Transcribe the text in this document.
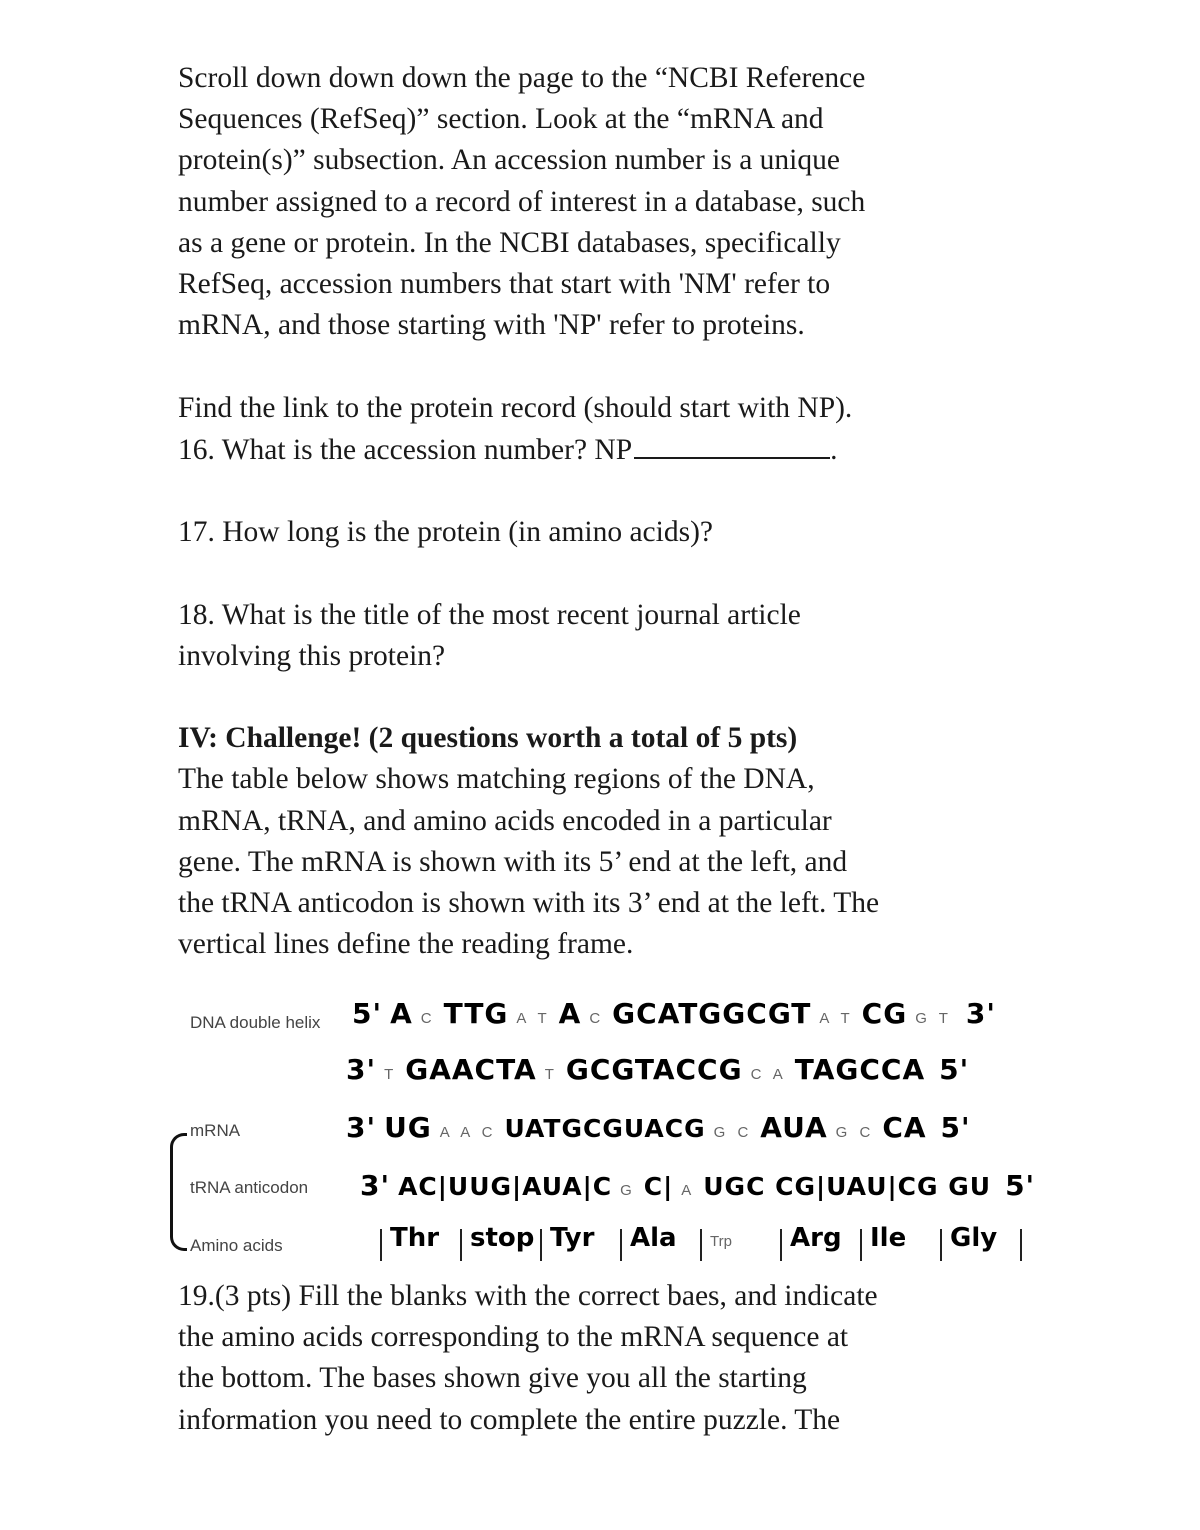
Scroll down down down the page to the “NCBI Reference
Sequences (RefSeq)” section. Look at the “mRNA and
protein(s)” subsection. An accession number is a unique
number assigned to a record of interest in a database, such
as a gene or protein. In the NCBI databases, specifically
RefSeq, accession numbers that start with 'NM' refer to
mRNA, and those starting with 'NP' refer to proteins.
Find the link to the protein record (should start with NP).
16. What is the accession number? NP	.
17. How long is the protein (in amino acids)?
18. What is the title of the most recent journal article
involving this protein?
IV: Challenge! (2 questions worth a total of 5 pts)
The table below shows matching regions of the DNA,
mRNA, tRNA, and amino acids encoded in a particular
gene. The mRNA is shown with its 5’ end at the left, and
the tRNA anticodon is shown with its 3’ end at the left. The
vertical lines define the reading frame.
DNA double helix
mRNA
tRNA anticodon
Amino acids
5' A C TTG A T A C GCATGGCGT A T CG G T 3'
3' T GAACTA T GCGTACCG C A TAGCCA 5'
3' UG A A C UATGCGUACG G C AUA G C CA 5'
3' AC|UUG|AUA|C G C| A UGC CG|UAU|CG GU 5'
Thr stop Tyr Ala Trp Arg Ile Gly
19.(3 pts) Fill the blanks with the correct baes, and indicate
the amino acids corresponding to the mRNA sequence at
the bottom. The bases shown give you all the starting
information you need to complete the entire puzzle. The
